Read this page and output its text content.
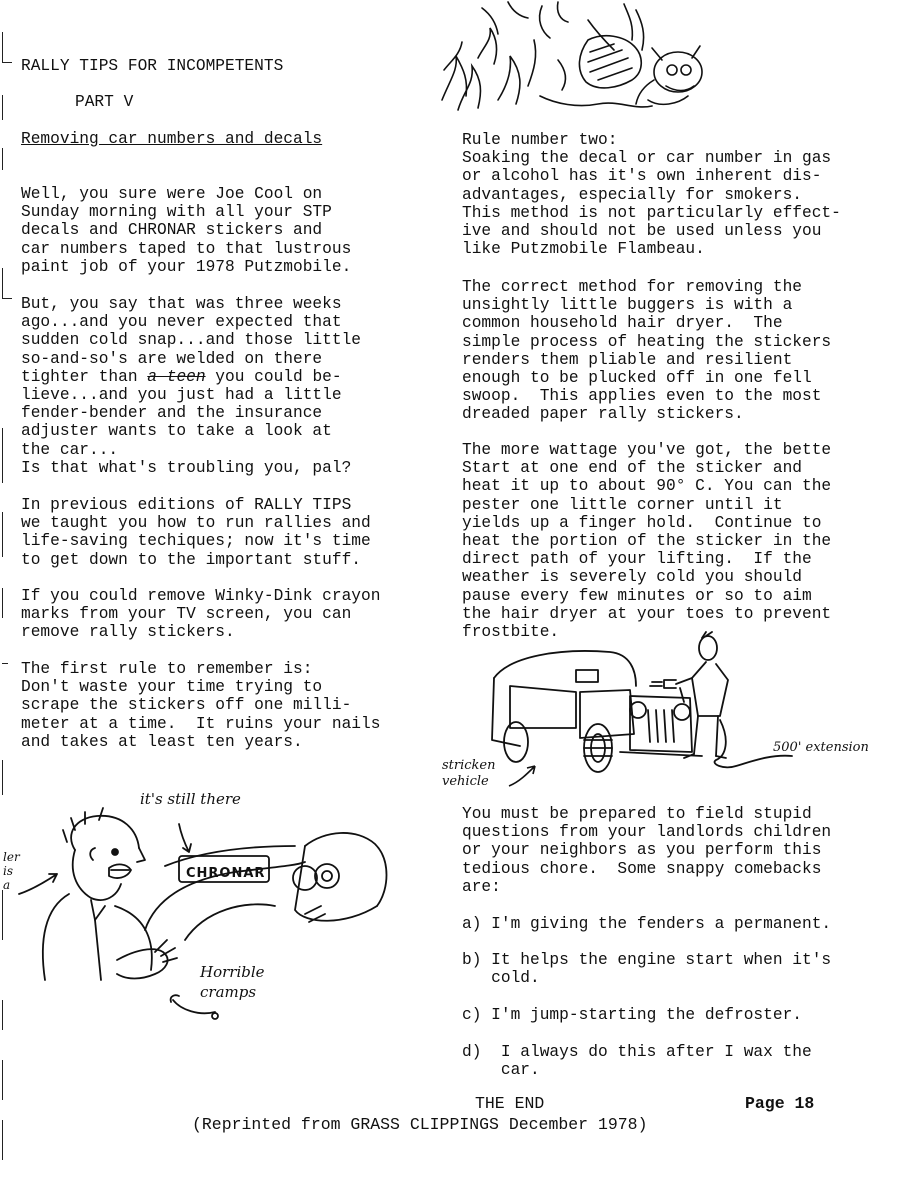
RALLY TIPS FOR INCOMPETENTS
PART V
Removing car numbers and decals
Well, you sure were Joe Cool on
Sunday morning with all your STP
decals and CHRONAR stickers and
car numbers taped to that lustrous
paint job of your 1978 Putzmobile.
But, you say that was three weeks
ago...and you never expected that
sudden cold snap...and those little
so-and-so's are welded on there
tighter than a teen you could be-
lieve...and you just had a little
fender-bender and the insurance
adjuster wants to take a look at
the car...
Is that what's troubling you, pal?
In previous editions of RALLY TIPS
we taught you how to run rallies and
life-saving techiques; now it's time
to get down to the important stuff.
If you could remove Winky-Dink crayon
marks from your TV screen, you can
remove rally stickers.
The first rule to remember is:
Don't waste your time trying to
scrape the stickers off one milli-
meter at a time.  It ruins your nails
and takes at least ten years.
Rule number two:
Soaking the decal or car number in gas
or alcohol has it's own inherent dis-
advantages, especially for smokers.
This method is not particularly effect-
ive and should not be used unless you
like Putzmobile Flambeau.
The correct method for removing the
unsightly little buggers is with a
common household hair dryer.  The
simple process of heating the stickers
renders them pliable and resilient
enough to be plucked off in one fell
swoop.  This applies even to the most
dreaded paper rally stickers.
The more wattage you've got, the bette
Start at one end of the sticker and
heat it up to about 90° C. You can the
pester one little corner until it
yields up a finger hold.  Continue to
heat the portion of the sticker in the
direct path of your lifting.  If the
weather is severely cold you should
pause every few minutes or so to aim
the hair dryer at your toes to prevent
frostbite.
You must be prepared to field stupid
questions from your landlords children
or your neighbors as you perform this
tedious chore.  Some snappy comebacks
are:
a) I'm giving the fenders a permanent.
b) It helps the engine start when it's
cold.
c) I'm jump-starting the defroster.
d)  I always do this after I wax the
car.
stricken
vehicle
500' extension
CHRONAR
it's still there
Horrible
cramps
ler
is
a
THE END	Page 18
(Reprinted from GRASS CLIPPINGS December 1978)
